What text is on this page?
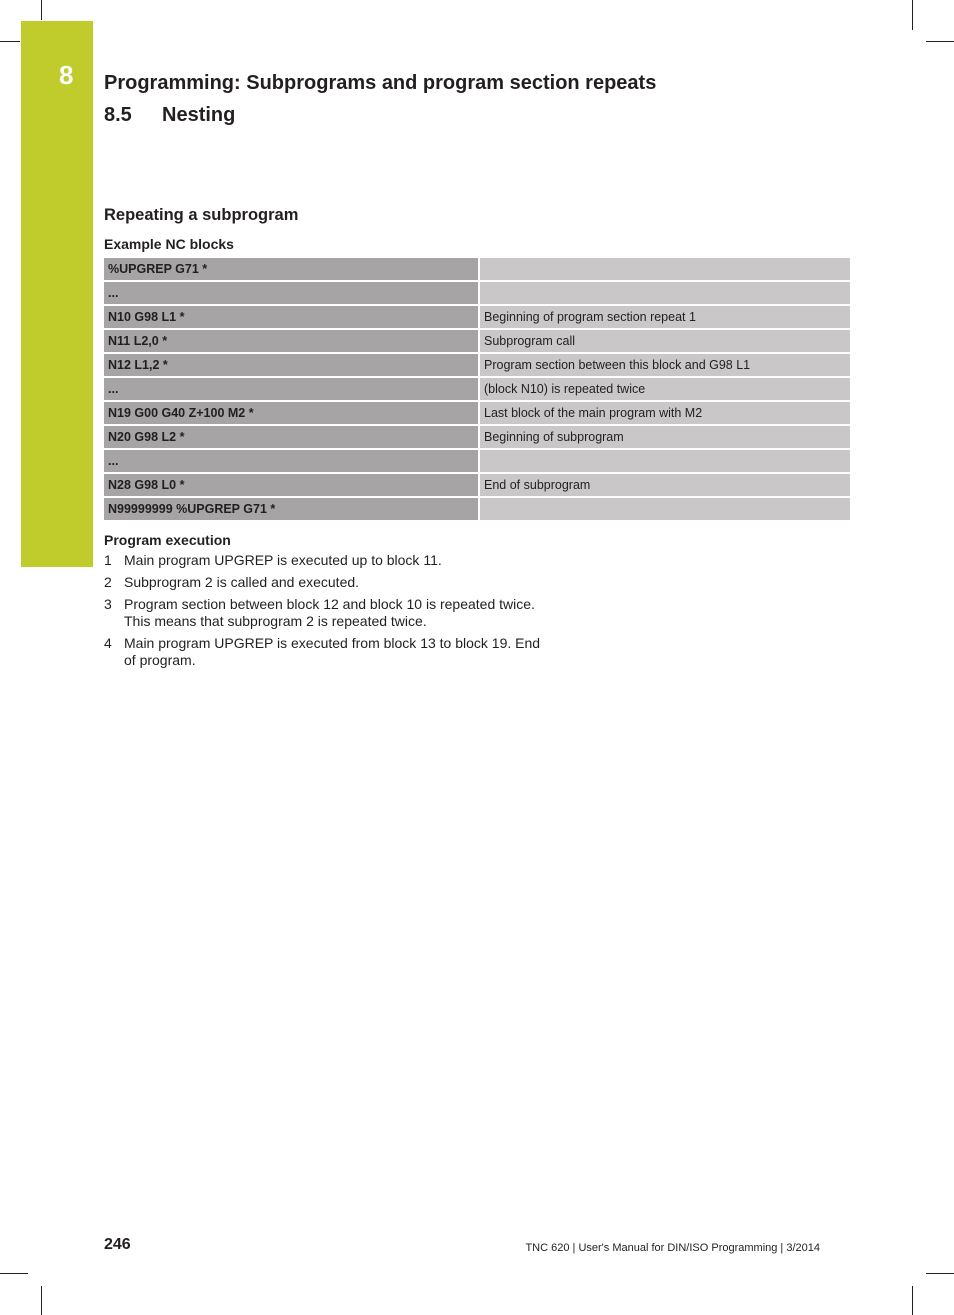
8	Programming: Subprograms and program section repeats
8.5 Nesting
Repeating a subprogram
Example NC blocks
%UPGREP G71 *	
...	
N10 G98 L1 *	Beginning of program section repeat 1
N11 L2,0 *	Subprogram call
N12 L1,2 *	Program section between this block and G98 L1
...	(block N10) is repeated twice
N19 G00 G40 Z+100 M2 *	Last block of the main program with M2
N20 G98 L2 *	Beginning of subprogram
...	
N28 G98 L0 *	End of subprogram
N99999999 %UPGREP G71 *	
Program execution
1 Main program UPGREP is executed up to block 11.
2 Subprogram 2 is called and executed.
3 Program section between block 12 and block 10 is repeated twice. This means that subprogram 2 is repeated twice.
4 Main program UPGREP is executed from block 13 to block 19. End of program.
246	TNC 620 | User's Manual for DIN/ISO Programming | 3/2014
